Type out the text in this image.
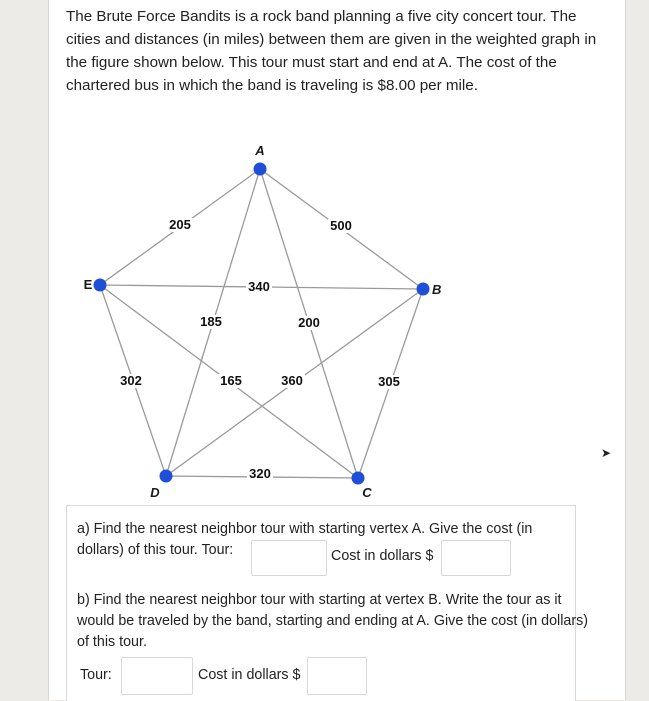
The Brute Force Bandits is a rock band planning a five city concert tour. The cities and distances (in miles) between them are given in the weighted graph in the figure shown below. This tour must start and end at A. The cost of the chartered bus in which the band is traveling is $8.00 per mile.
205	500
185
360
340
302	165	305
200
320
A
B
C
D
E
a) Find the nearest neighbor tour with starting vertex A. Give the cost (in dollars) of this tour. Tour:	Cost in dollars $
b) Find the nearest neighbor tour with starting at vertex B. Write the tour as it would be traveled by the band, starting and ending at A. Give the cost (in dollars) of this tour.
Tour:	Cost in dollars $
➤
